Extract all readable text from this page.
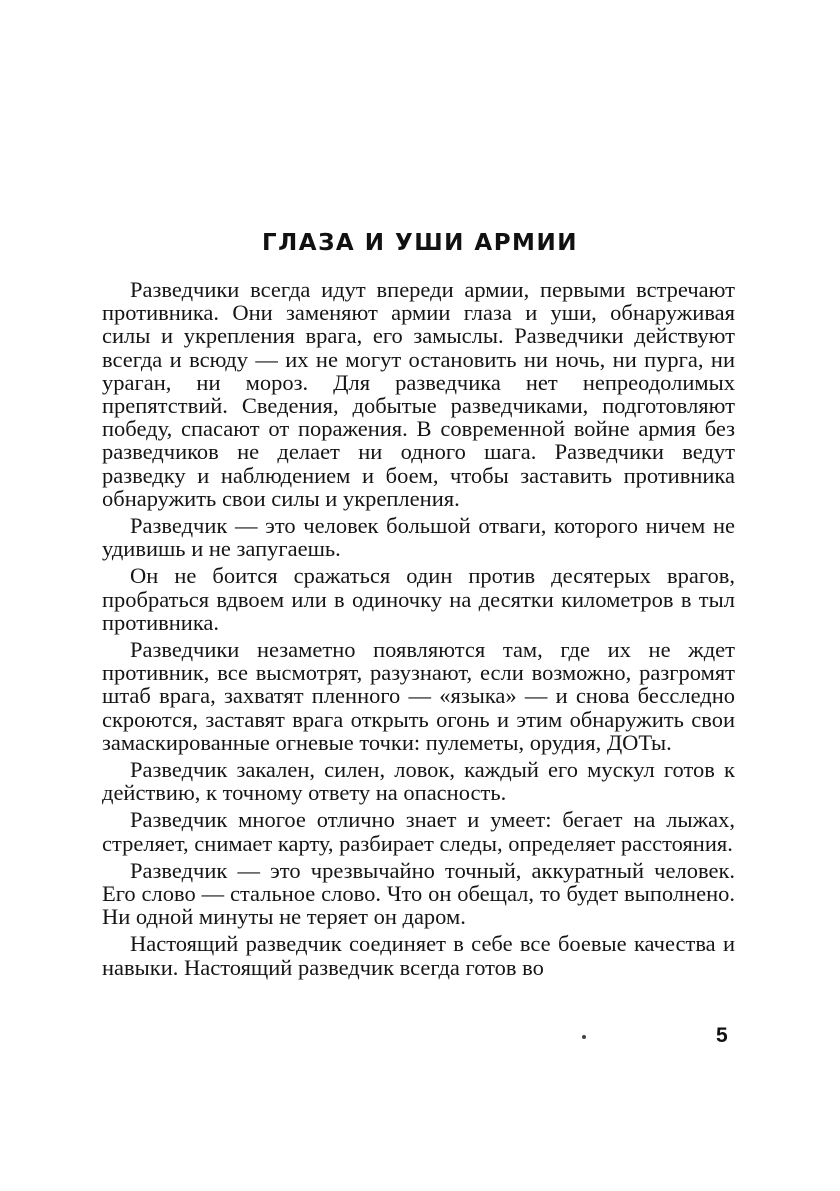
ГЛАЗА И УШИ АРМИИ

Разведчики всегда идут впереди армии, первыми встречают противника. Они заменяют армии глаза и уши, обнаруживая силы и укрепления врага, его замыслы. Разведчики действуют всегда и всюду — их не могут остановить ни ночь, ни пурга, ни ураган, ни мороз. Для разведчика нет непреодолимых препятствий. Сведения, добытые разведчиками, подготовляют победу, спасают от поражения. В современной войне армия без разведчиков не делает ни одного шага. Разведчики ведут разведку и наблюдением и боем, чтобы заставить противника обнаружить свои силы и укрепления.

Разведчик — это человек большой отваги, которого ничем не удивишь и не запугаешь.

Он не боится сражаться один против десятерых врагов, пробраться вдвоем или в одиночку на десятки километров в тыл противника.

Разведчики незаметно появляются там, где их не ждет противник, все высмотрят, разузнают, если возможно, разгромят штаб врага, захватят пленного — «языка» — и снова бесследно скроются, заставят врага открыть огонь и этим обнаружить свои замаскированные огневые точки: пулеметы, орудия, ДОТы.

Разведчик закален, силен, ловок, каждый его мускул готов к действию, к точному ответу на опасность.

Разведчик многое отлично знает и умеет: бегает на лыжах, стреляет, снимает карту, разбирает следы, определяет расстояния.

Разведчик — это чрезвычайно точный, аккуратный человек. Его слово — стальное слово. Что он обещал, то будет выполнено. Ни одной минуты не теряет он даром.

Настоящий разведчик соединяет в себе все боевые качества и навыки. Настоящий разведчик всегда готов во

5
